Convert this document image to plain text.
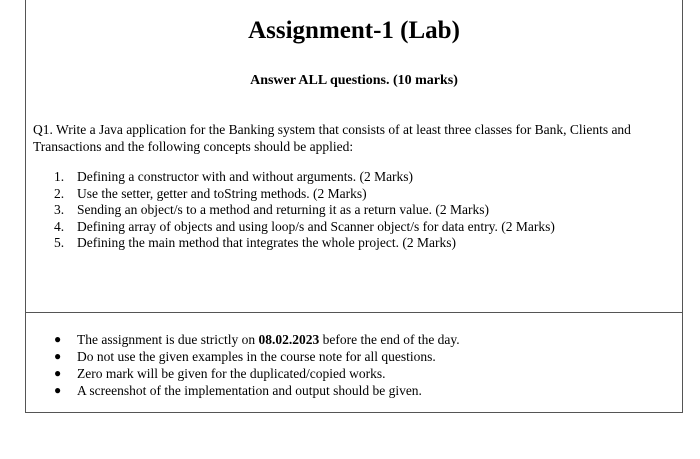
Assignment-1 (Lab)
Answer ALL questions. (10 marks)
Q1. Write a Java application for the Banking system that consists of at least three classes for Bank, Clients and Transactions and the following concepts should be applied:
1. Defining a constructor with and without arguments. (2 Marks)
2. Use the setter, getter and toString methods. (2 Marks)
3. Sending an object/s to a method and returning it as a return value. (2 Marks)
4. Defining array of objects and using loop/s and Scanner object/s for data entry. (2 Marks)
5. Defining the main method that integrates the whole project. (2 Marks)
●	The assignment is due strictly on 08.02.2023 before the end of the day.
●	Do not use the given examples in the course note for all questions.
●	Zero mark will be given for the duplicated/copied works.
●	A screenshot of the implementation and output should be given.
